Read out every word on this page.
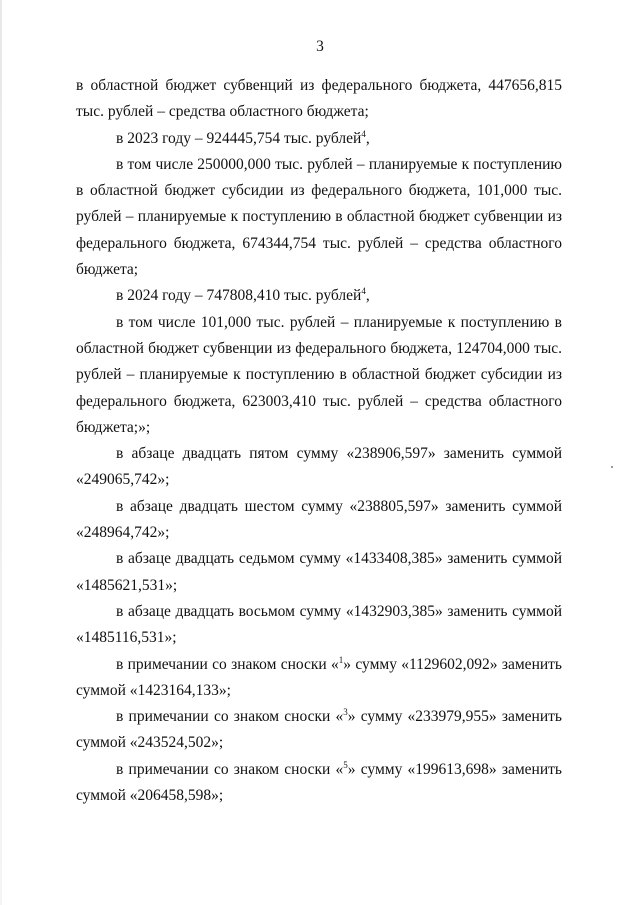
3

в областной бюджет субвенций из федерального бюджета, 447656,815 тыс. рублей – средства областного бюджета;

в 2023 году – 924445,754 тыс. рублей$^4$,

в том числе 250000,000 тыс. рублей – планируемые к поступлению в областной бюджет субсидии из федерального бюджета, 101,000 тыс. рублей – планируемые к поступлению в областной бюджет субвенции из федерального бюджета, 674344,754 тыс. рублей – средства областного бюджета;

в 2024 году – 747808,410 тыс. рублей$^4$,

в том числе 101,000 тыс. рублей – планируемые к поступлению в областной бюджет субвенции из федерального бюджета, 124704,000 тыс. рублей – планируемые к поступлению в областной бюджет субсидии из федерального бюджета, 623003,410 тыс. рублей – средства областного бюджета;»;

в абзаце двадцать пятом сумму «238906,597» заменить суммой «249065,742»;

в абзаце двадцать шестом сумму «238805,597» заменить суммой «248964,742»;

в абзаце двадцать седьмом сумму «1433408,385» заменить суммой «1485621,531»;

в абзаце двадцать восьмом сумму «1432903,385» заменить суммой «1485116,531»;

в примечании со знаком сноски «$^1$» сумму «1129602,092» заменить суммой «1423164,133»;

в примечании со знаком сноски «$^3$» сумму «233979,955» заменить суммой «243524,502»;

в примечании со знаком сноски «$^5$» сумму «199613,698» заменить суммой «206458,598»;
